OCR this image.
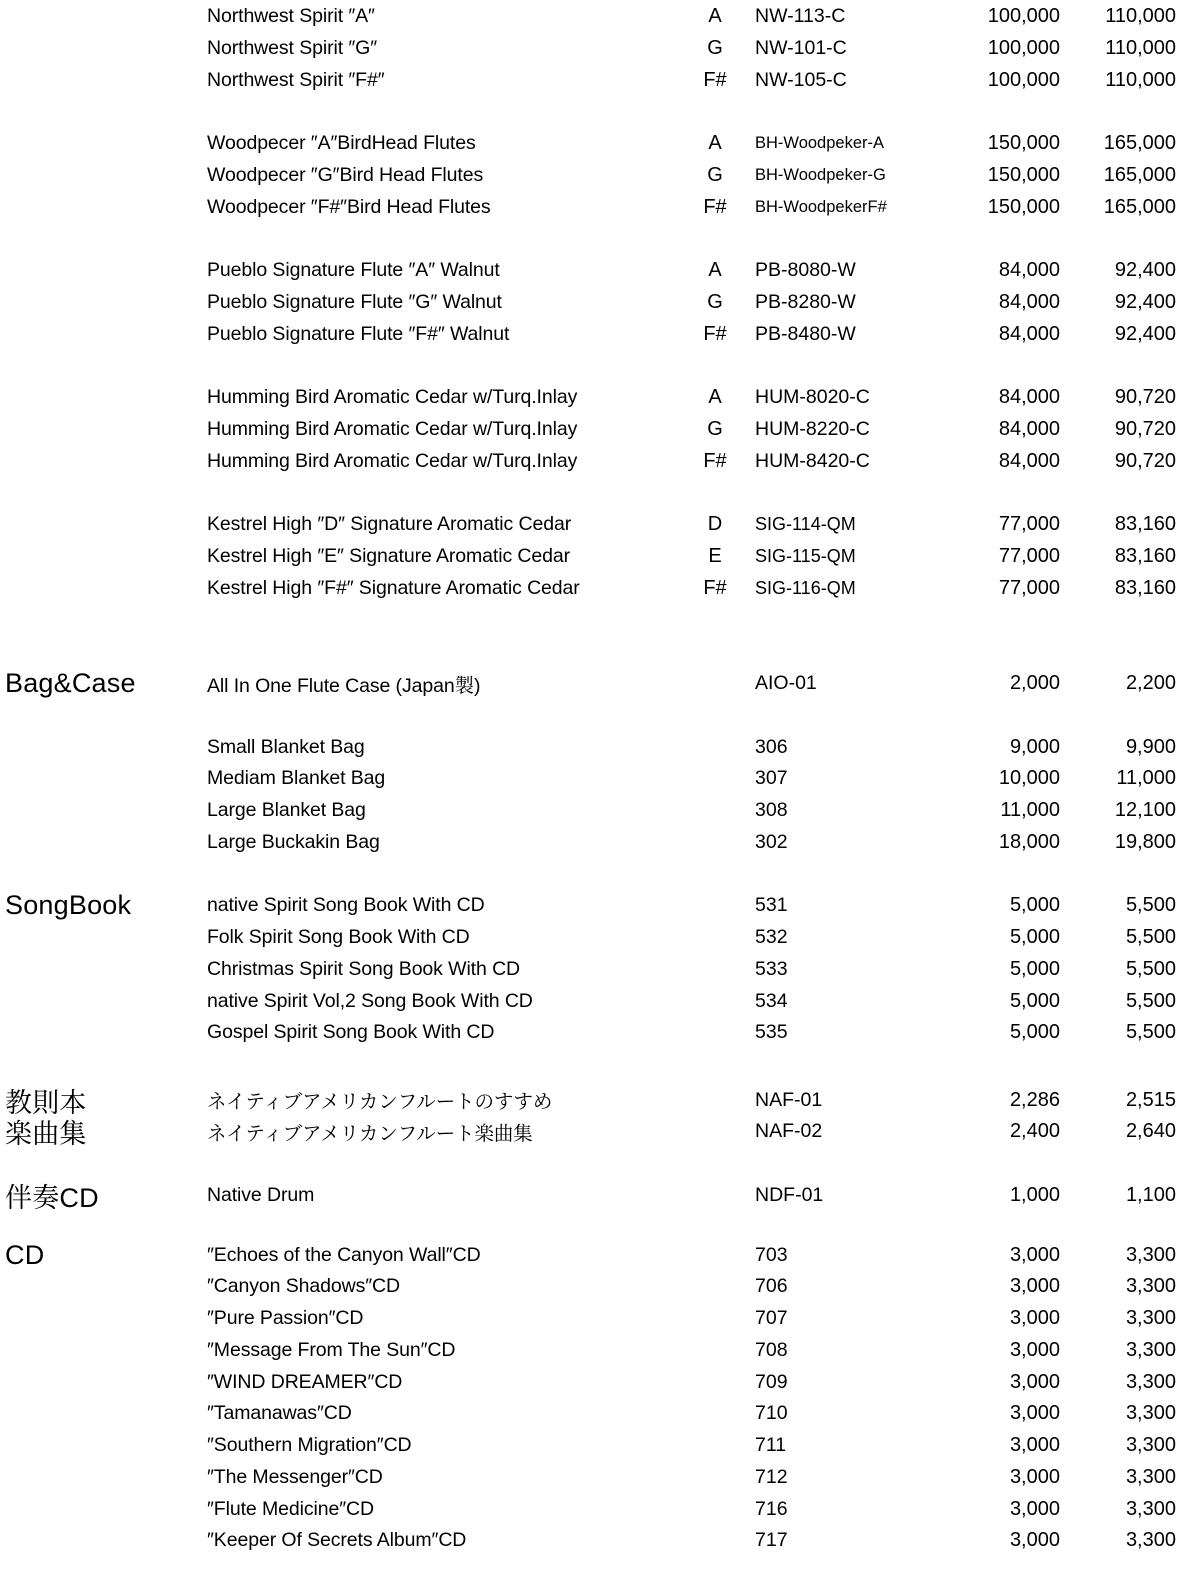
Northwest Spirit ″A″	A	NW-113-C	100,000	110,000
Northwest Spirit ″G″	G	NW-101-C	100,000	110,000
Northwest Spirit ″F#″	F#	NW-105-C	100,000	110,000
Woodpecer ″A″BirdHead Flutes	A	BH-Woodpeker-A	150,000	165,000
Woodpecer ″G″Bird Head Flutes	G	BH-Woodpeker-G	150,000	165,000
Woodpecer ″F#″Bird Head Flutes	F#	BH-WoodpekerF#	150,000	165,000
Pueblo Signature Flute ″A″ Walnut	A	PB-8080-W	84,000	92,400
Pueblo Signature Flute ″G″ Walnut	G	PB-8280-W	84,000	92,400
Pueblo Signature Flute ″F#″ Walnut	F#	PB-8480-W	84,000	92,400
Humming Bird Aromatic Cedar w/Turq.Inlay	A	HUM-8020-C	84,000	90,720
Humming Bird Aromatic Cedar w/Turq.Inlay	G	HUM-8220-C	84,000	90,720
Humming Bird Aromatic Cedar w/Turq.Inlay	F#	HUM-8420-C	84,000	90,720
Kestrel High ″D″ Signature Aromatic Cedar	D	SIG-114-QM	77,000	83,160
Kestrel High ″E″ Signature Aromatic Cedar	E	SIG-115-QM	77,000	83,160
Kestrel High ″F#″ Signature Aromatic Cedar	F#	SIG-116-QM	77,000	83,160
Bag&Case	All In One Flute Case (Japan製)	AIO-01	2,000	2,200
Small Blanket Bag	306	9,000	9,900
Mediam Blanket Bag	307	10,000	11,000
Large Blanket Bag	308	11,000	12,100
Large Buckakin Bag	302	18,000	19,800
SongBook	native Spirit Song Book With CD	531	5,000	5,500
Folk Spirit Song Book With CD	532	5,000	5,500
Christmas Spirit Song Book With CD	533	5,000	5,500
native Spirit Vol,2 Song Book With CD	534	5,000	5,500
Gospel Spirit Song Book With CD	535	5,000	5,500
教則本	ネイティブアメリカンフルートのすすめ	NAF-01	2,286	2,515
楽曲集	ネイティブアメリカンフルート楽曲集	NAF-02	2,400	2,640
伴奏CD	Native Drum	NDF-01	1,000	1,100
CD	″Echoes of the Canyon Wall″CD	703	3,000	3,300
″Canyon Shadows″CD	706	3,000	3,300
″Pure Passion″CD	707	3,000	3,300
″Message From The Sun″CD	708	3,000	3,300
″WIND DREAMER″CD	709	3,000	3,300
″Tamanawas″CD	710	3,000	3,300
″Southern Migration″CD	711	3,000	3,300
″The Messenger″CD	712	3,000	3,300
″Flute Medicine″CD	716	3,000	3,300
″Keeper Of Secrets Album″CD	717	3,000	3,300
